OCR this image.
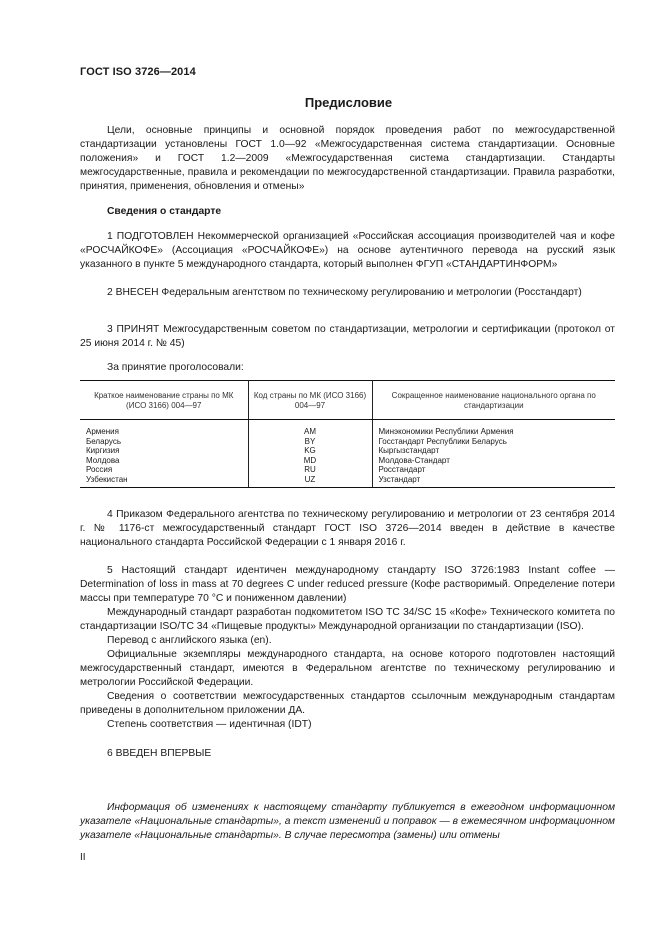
ГОСТ ISO 3726—2014
Предисловие

Цели, основные принципы и основной порядок проведения работ по межгосударственной стандартизации установлены ГОСТ 1.0—92 «Межгосударственная система стандартизации. Основные положения» и ГОСТ 1.2—2009 «Межгосударственная система стандартизации. Стандарты межгосударственные, правила и рекомендации по межгосударственной стандартизации. Правила разработки, принятия, применения, обновления и отмены»

Сведения о стандарте

1 ПОДГОТОВЛЕН Некоммерческой организацией «Российская ассоциация производителей чая и кофе «РОСЧАЙКОФЕ» (Ассоциация «РОСЧАЙКОФЕ») на основе аутентичного перевода на русский язык указанного в пункте 5 международного стандарта, который выполнен ФГУП «СТАНДАРТИНФОРМ»

2 ВНЕСЕН Федеральным агентством по техническому регулированию и метрологии (Росстандарт)

3 ПРИНЯТ Межгосударственным советом по стандартизации, метрологии и сертификации (протокол от 25 июня 2014 г. № 45)

За принятие проголосовали:

Краткое наименование страны по МК (ИСО 3166) 004—97	Код страны по МК (ИСО 3166) 004—97	Сокращенное наименование национального органа по стандартизации
Армения	AM	Минэкономики Республики Армения
Беларусь	BY	Госстандарт Республики Беларусь
Киргизия	KG	Кыргызстандарт
Молдова	MD	Молдова-Стандарт
Россия	RU	Росстандарт
Узбекистан	UZ	Узстандарт

4 Приказом Федерального агентства по техническому регулированию и метрологии от 23 сентября 2014 г. № 1176-ст межгосударственный стандарт ГОСТ ISO 3726—2014 введен в действие в качестве национального стандарта Российской Федерации с 1 января 2016 г.

5 Настоящий стандарт идентичен международному стандарту ISO 3726:1983 Instant coffee — Determination of loss in mass at 70 degrees C under reduced pressure (Кофе растворимый. Определение потери массы при температуре 70 °С и пониженном давлении)

Международный стандарт разработан подкомитетом ISO TC 34/SC 15 «Кофе» Технического комитета по стандартизации ISO/TC 34 «Пищевые продукты» Международной организации по стандартизации (ISO).

Перевод с английского языка (en).

Официальные экземпляры международного стандарта, на основе которого подготовлен настоящий межгосударственный стандарт, имеются в Федеральном агентстве по техническому регулированию и метрологии Российской Федерации.

Сведения о соответствии межгосударственных стандартов ссылочным международным стандартам приведены в дополнительном приложении ДА.

Степень соответствия — идентичная (IDT)

6 ВВЕДЕН ВПЕРВЫЕ

Информация об изменениях к настоящему стандарту публикуется в ежегодном информационном указателе «Национальные стандарты», а текст изменений и поправок — в ежемесячном информационном указателе «Национальные стандарты». В случае пересмотра (замены) или отмены

II
